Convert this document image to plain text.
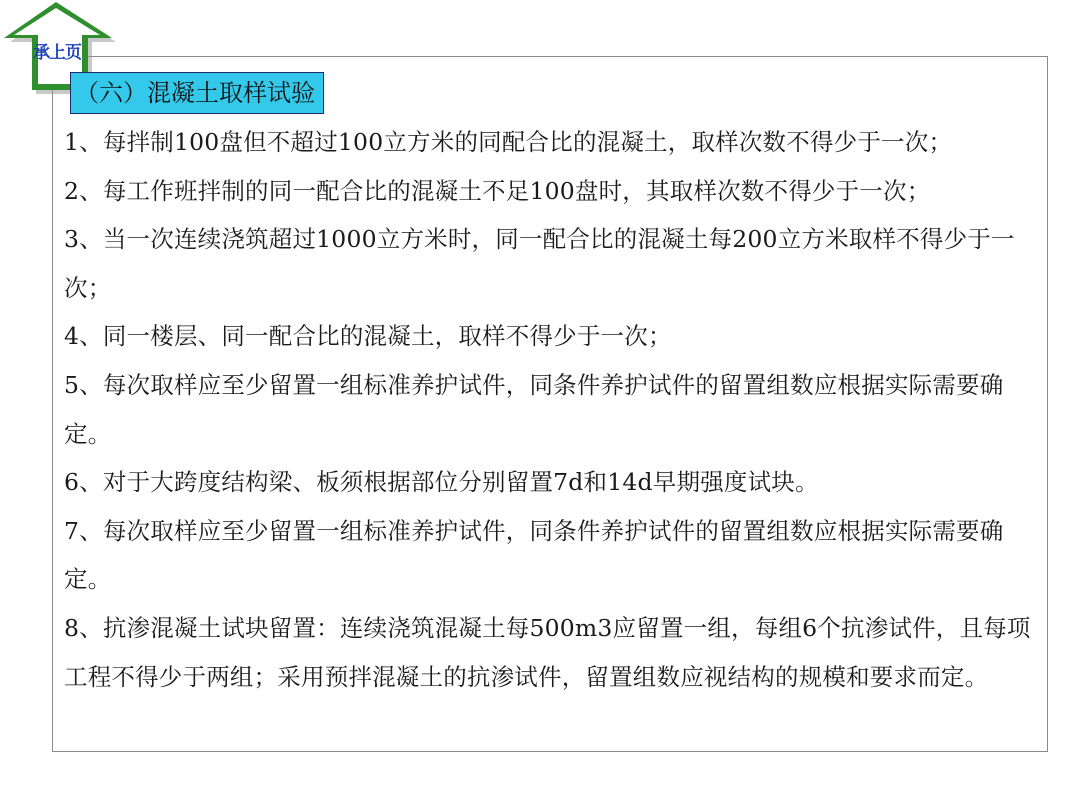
承上页
（六）混凝土取样试验

1、每拌制100盘但不超过100立方米的同配合比的混凝土，取样次数不得少于一次；

2、每工作班拌制的同一配合比的混凝土不足100盘时，其取样次数不得少于一次；

3、当一次连续浇筑超过1000立方米时，同一配合比的混凝土每200立方米取样不得少于一次；

4、同一楼层、同一配合比的混凝土，取样不得少于一次；

5、每次取样应至少留置一组标准养护试件，同条件养护试件的留置组数应根据实际需要确定。

6、对于大跨度结构梁、板须根据部位分别留置7d和14d早期强度试块。

7、每次取样应至少留置一组标准养护试件，同条件养护试件的留置组数应根据实际需要确定。

8、抗渗混凝土试块留置：连续浇筑混凝土每500m3应留置一组，每组6个抗渗试件，且每项工程不得少于两组；采用预拌混凝土的抗渗试件，留置组数应视结构的规模和要求而定。
